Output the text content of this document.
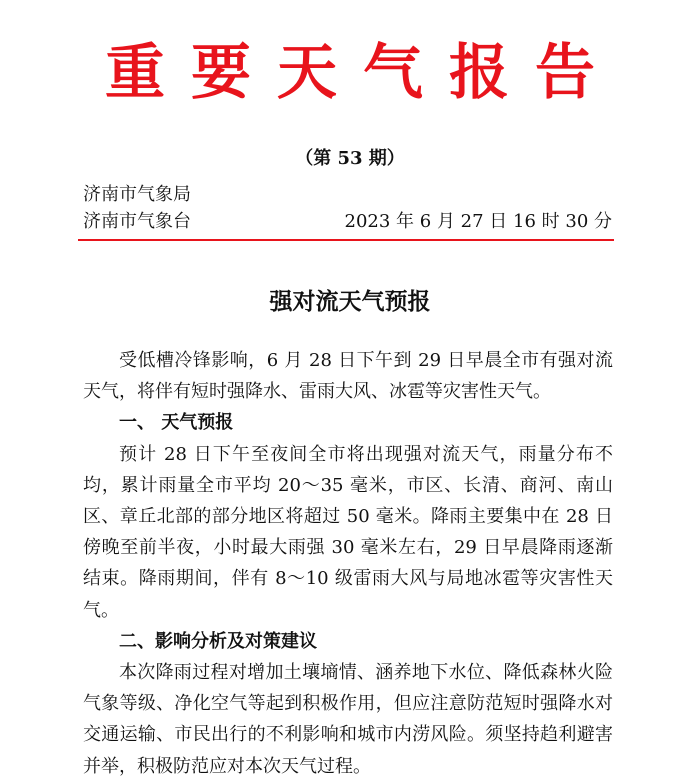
重要天气报告
（第 53 期）
济南市气象局
济南市气象台	2023 年 6 月 27 日 16 时 30 分
强对流天气预报

受低槽冷锋影响，6 月 28 日下午到 29 日早晨全市有强对流天气，将伴有短时强降水、雷雨大风、冰雹等灾害性天气。

一、 天气预报

预计 28 日下午至夜间全市将出现强对流天气，雨量分布不均，累计雨量全市平均 20～35 毫米，市区、长清、商河、南山区、章丘北部的部分地区将超过 50 毫米。降雨主要集中在 28 日傍晚至前半夜，小时最大雨强 30 毫米左右，29 日早晨降雨逐渐结束。降雨期间，伴有 8～10 级雷雨大风与局地冰雹等灾害性天气。

二、影响分析及对策建议

本次降雨过程对增加土壤墒情、涵养地下水位、降低森林火险气象等级、净化空气等起到积极作用，但应注意防范短时强降水对交通运输、市民出行的不利影响和城市内涝风险。须坚持趋利避害并举，积极防范应对本次天气过程。
